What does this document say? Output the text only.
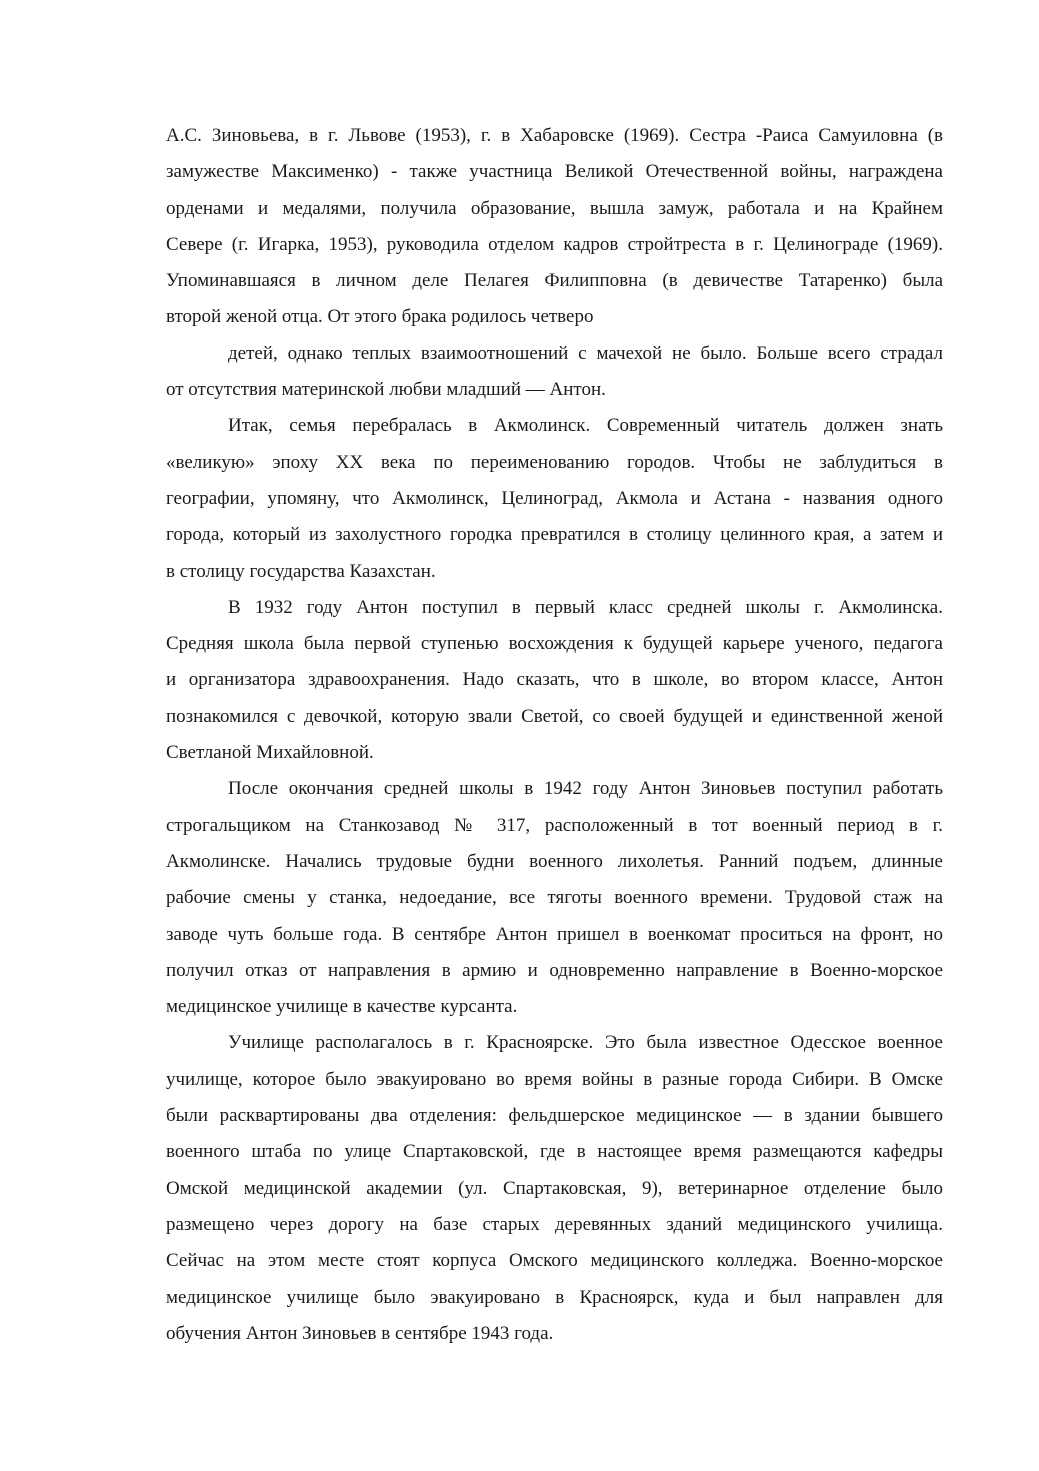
А.С. Зиновьева, в г. Львове (1953), г. в Хабаровске (1969). Сестра -Раиса Самуиловна (в
замужестве Максименко) - также участница Великой Отечественной войны, награждена
орденами и медалями, получила образование, вышла замуж, работала и на Крайнем
Севере (г. Игарка, 1953), руководила отделом кадров стройтреста в г. Целинограде (1969).
Упоминавшаяся в личном деле Пелагея Филипповна (в девичестве Татаренко) была
второй женой отца. От этого брака родилось четверо
детей, однако теплых взаимоотношений с мачехой не было. Больше всего страдал
от отсутствия материнской любви младший — Антон.
Итак, семья перебралась в Акмолинск. Современный читатель должен знать
«великую» эпоху XX века по переименованию городов. Чтобы не заблудиться в
географии, упомяну, что Акмолинск, Целиноград, Акмола и Астана - названия одного
города, который из захолустного городка превратился в столицу целинного края, а затем и
в столицу государства Казахстан.
В 1932 году Антон поступил в первый класс средней школы г. Акмолинска.
Средняя школа была первой ступенью восхождения к будущей карьере ученого, педагога
и организатора здравоохранения. Надо сказать, что в школе, во втором классе, Антон
познакомился с девочкой, которую звали Светой, со своей будущей и единственной женой
Светланой Михайловной.
После окончания средней школы в 1942 году Антон Зиновьев поступил работать
строгальщиком на Станкозавод № 317, расположенный в тот военный период в г.
Акмолинске. Начались трудовые будни военного лихолетья. Ранний подъем, длинные
рабочие смены у станка, недоедание, все тяготы военного времени. Трудовой стаж на
заводе чуть больше года. В сентябре Антон пришел в военкомат проситься на фронт, но
получил отказ от направления в армию и одновременно направление в Военно-морское
медицинское училище в качестве курсанта.
Училище располагалось в г. Красноярске. Это была известное Одесское военное
училище, которое было эвакуировано во время войны в разные города Сибири. В Омске
были расквартированы два отделения: фельдшерское медицинское — в здании бывшего
военного штаба по улице Спартаковской, где в настоящее время размещаются кафедры
Омской медицинской академии (ул. Спартаковская, 9), ветеринарное отделение было
размещено через дорогу на базе старых деревянных зданий медицинского училища.
Сейчас на этом месте стоят корпуса Омского медицинского колледжа. Военно-морское
медицинское училище было эвакуировано в Красноярск, куда и был направлен для
обучения Антон Зиновьев в сентябре 1943 года.
